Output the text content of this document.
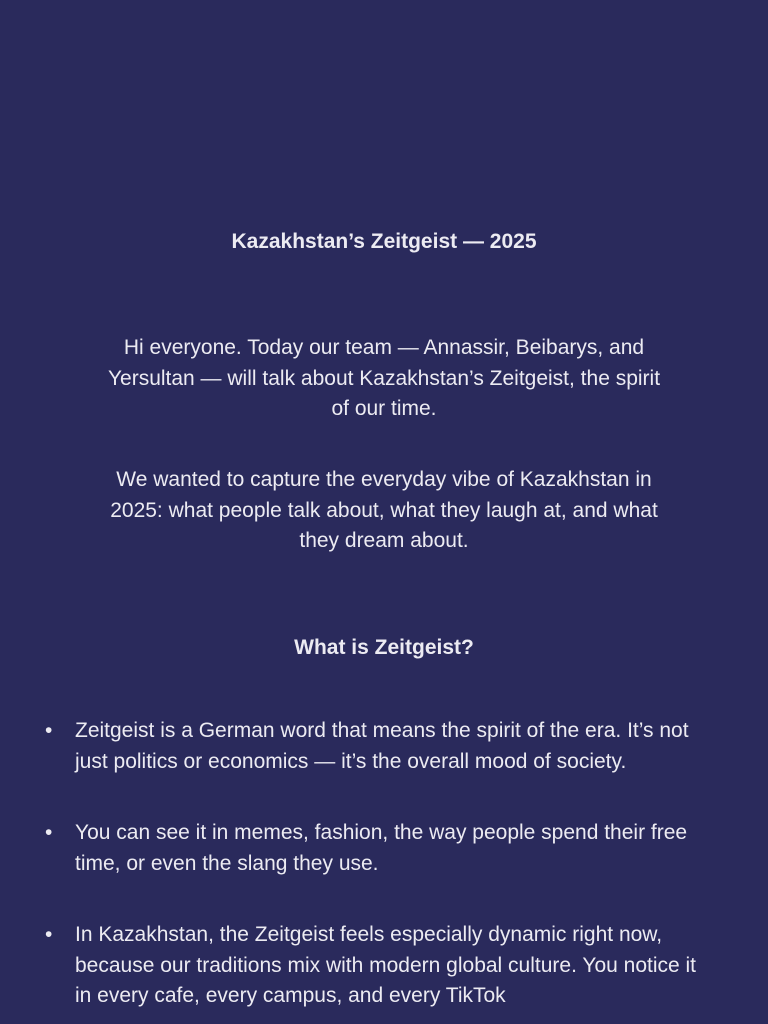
Kazakhstan’s Zeitgeist — 2025

Hi everyone. Today our team — Annassir, Beibarys, and Yersultan — will talk about Kazakhstan’s Zeitgeist, the spirit of our time.

We wanted to capture the everyday vibe of Kazakhstan in 2025: what people talk about, what they laugh at, and what they dream about.

What is Zeitgeist?
• Zeitgeist is a German word that means the spirit of the era. It’s not just politics or economics — it’s the overall mood of society.
• You can see it in memes, fashion, the way people spend their free time, or even the slang they use.
• In Kazakhstan, the Zeitgeist feels especially dynamic right now, because our traditions mix with modern global culture. You notice it in every cafe, every campus, and every TikTok
